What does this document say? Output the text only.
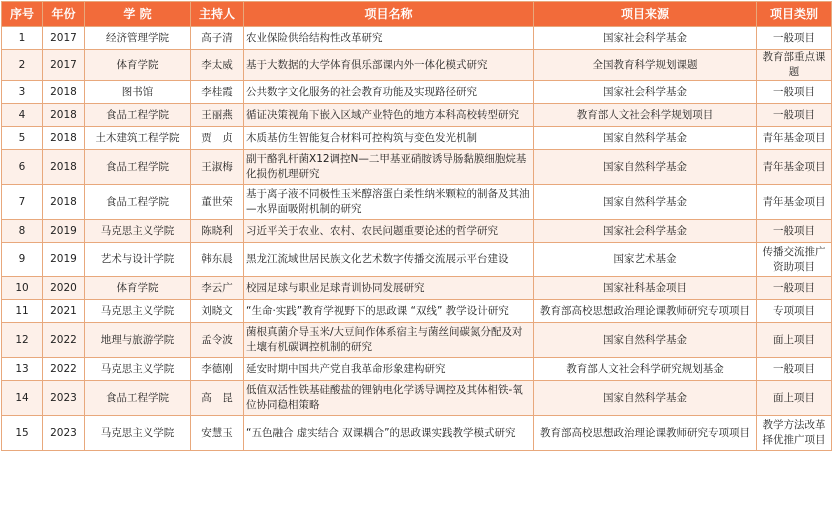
序号	年份	学 院	主持人	项目名称	项目来源	项目类别
1	2017	经济管理学院	高子清	农业保险供给结构性改革研究	国家社会科学基金	一般项目
2	2017	体育学院	李太威	基于大数据的大学体育俱乐部课内外一体化模式研究	全国教育科学规划课题	教育部重点课题
3	2018	图书馆	李桂霞	公共数字文化服务的社会教育功能及实现路径研究	国家社会科学基金	一般项目
4	2018	食品工程学院	王丽燕	循证决策视角下嵌入区域产业特色的地方本科高校转型研究	教育部人文社会科学规划项目	一般项目
5	2018	土木建筑工程学院	贾　贞	木质基仿生智能复合材料可控构筑与变色发光机制	国家自然科学基金	青年基金项目
6	2018	食品工程学院	王淑梅	副干酪乳杆菌X12调控N—二甲基亚硝胺诱导肠黏膜细胞烷基化损伤机理研究	国家自然科学基金	青年基金项目
7	2018	食品工程学院	董世荣	基于离子液不同极性玉米醇溶蛋白柔性纳米颗粒的制备及其油—水界面吸附机制的研究	国家自然科学基金	青年基金项目
8	2019	马克思主义学院	陈晓利	习近平关于农业、农村、农民问题重要论述的哲学研究	国家社会科学基金	一般项目
9	2019	艺术与设计学院	韩东晨	黑龙江流域世居民族文化艺术数字传播交流展示平台建设	国家艺术基金	传播交流推广资助项目
10	2020	体育学院	李云广	校园足球与职业足球青训协同发展研究	国家社科基金项目	一般项目
11	2021	马克思主义学院	刘晓文	“生命·实践”教育学视野下的思政课 “双线” 教学设计研究	教育部高校思想政治理论课教师研究专项项目	专项项目
12	2022	地理与旅游学院	孟令波	菌根真菌介导玉米/大豆间作体系宿主与菌丝间碳氮分配及对土壤有机碳调控机制的研究	国家自然科学基金	面上项目
13	2022	马克思主义学院	李德刚	延安时期中国共产党自我革命形象建构研究	教育部人文社会科学研究规划基金	一般项目
14	2023	食品工程学院	高　昆	低值双活性铁基硅酸盐的锂钠电化学诱导调控及其体相铁-氧位协同稳相策略	国家自然科学基金	面上项目
15	2023	马克思主义学院	安慧玉	“五色融合 虚实结合 双课耦合”的思政课实践教学模式研究	教育部高校思想政治理论课教师研究专项项目	教学方法改革择优推广项目
